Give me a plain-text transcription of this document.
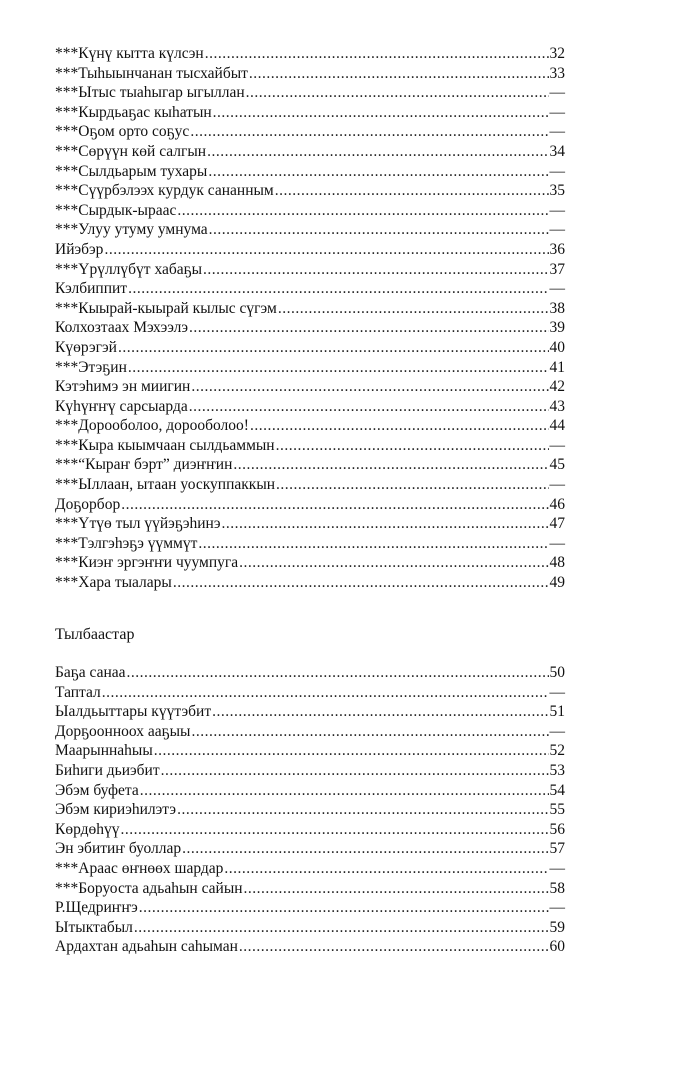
***Күнү кытта күлсэн .....	32
***Тыһыынчанан тысхайбыт .....	33
***Ытыс тыаһыгар ыгыллан .....	—
***Кырдьаҕас кыһатын .....	—
***Оҕом орто соҕус .....	—
***Сөрүүн көй салгын .....	34
***Сылдьарым тухары .....	—
***Сүүрбэлээх курдук сананным .....	35
***Сырдык-ыраас .....	—
***Улуу утуму умнума .....	—
Ийэбэр .....	36
***Үрүллүбүт хабаҕы .....	37
Кэлбиппит .....	—
***Кыырай-кыырай кылыс сүгэм .....	38
Колхозтаах Мэхээлэ .....	39
Күөрэгэй .....	40
***Этэҕин .....	41
Кэтэһимэ эн миигин .....	42
Күһүҥҥү сарсыарда .....	43
***Дорооболоо, дорооболоо! .....	44
***Кыра кыымчаан сылдьаммын .....	—
***“Кыраҥ бэрт” диэҥҥин .....	45
***Ыллаан, ытаан уоскуппаккын .....	—
Доҕорбор .....	46
***Үтүө тыл үүйэҕэһинэ .....	47
***Тэлгэһэҕэ үүммүт .....	—
***Киэҥ эргэҥҥи чуумпуга .....	48
***Хара тыалары .....	49
Тылбаастар
Баҕа санаа .....	50
Таптал .....	—
Ыалдьыттары күүтэбит .....	51
Дорҕоонноох ааҕыы .....	—
Маарыннаһыы .....	52
Биһиги дьиэбит .....	53
Эбэм буфета .....	54
Эбэм кириэһилэтэ .....	55
Көрдөһүү .....	56
Эн эбитиҥ буоллар .....	57
***Араас өҥнөөх шардар .....	—
***Боруоста адьаһын сайын .....	58
Р.Щедриҥҥэ .....	—
Ытыктабыл .....	59
Ардахтан адьаһын саһыман .....	60
